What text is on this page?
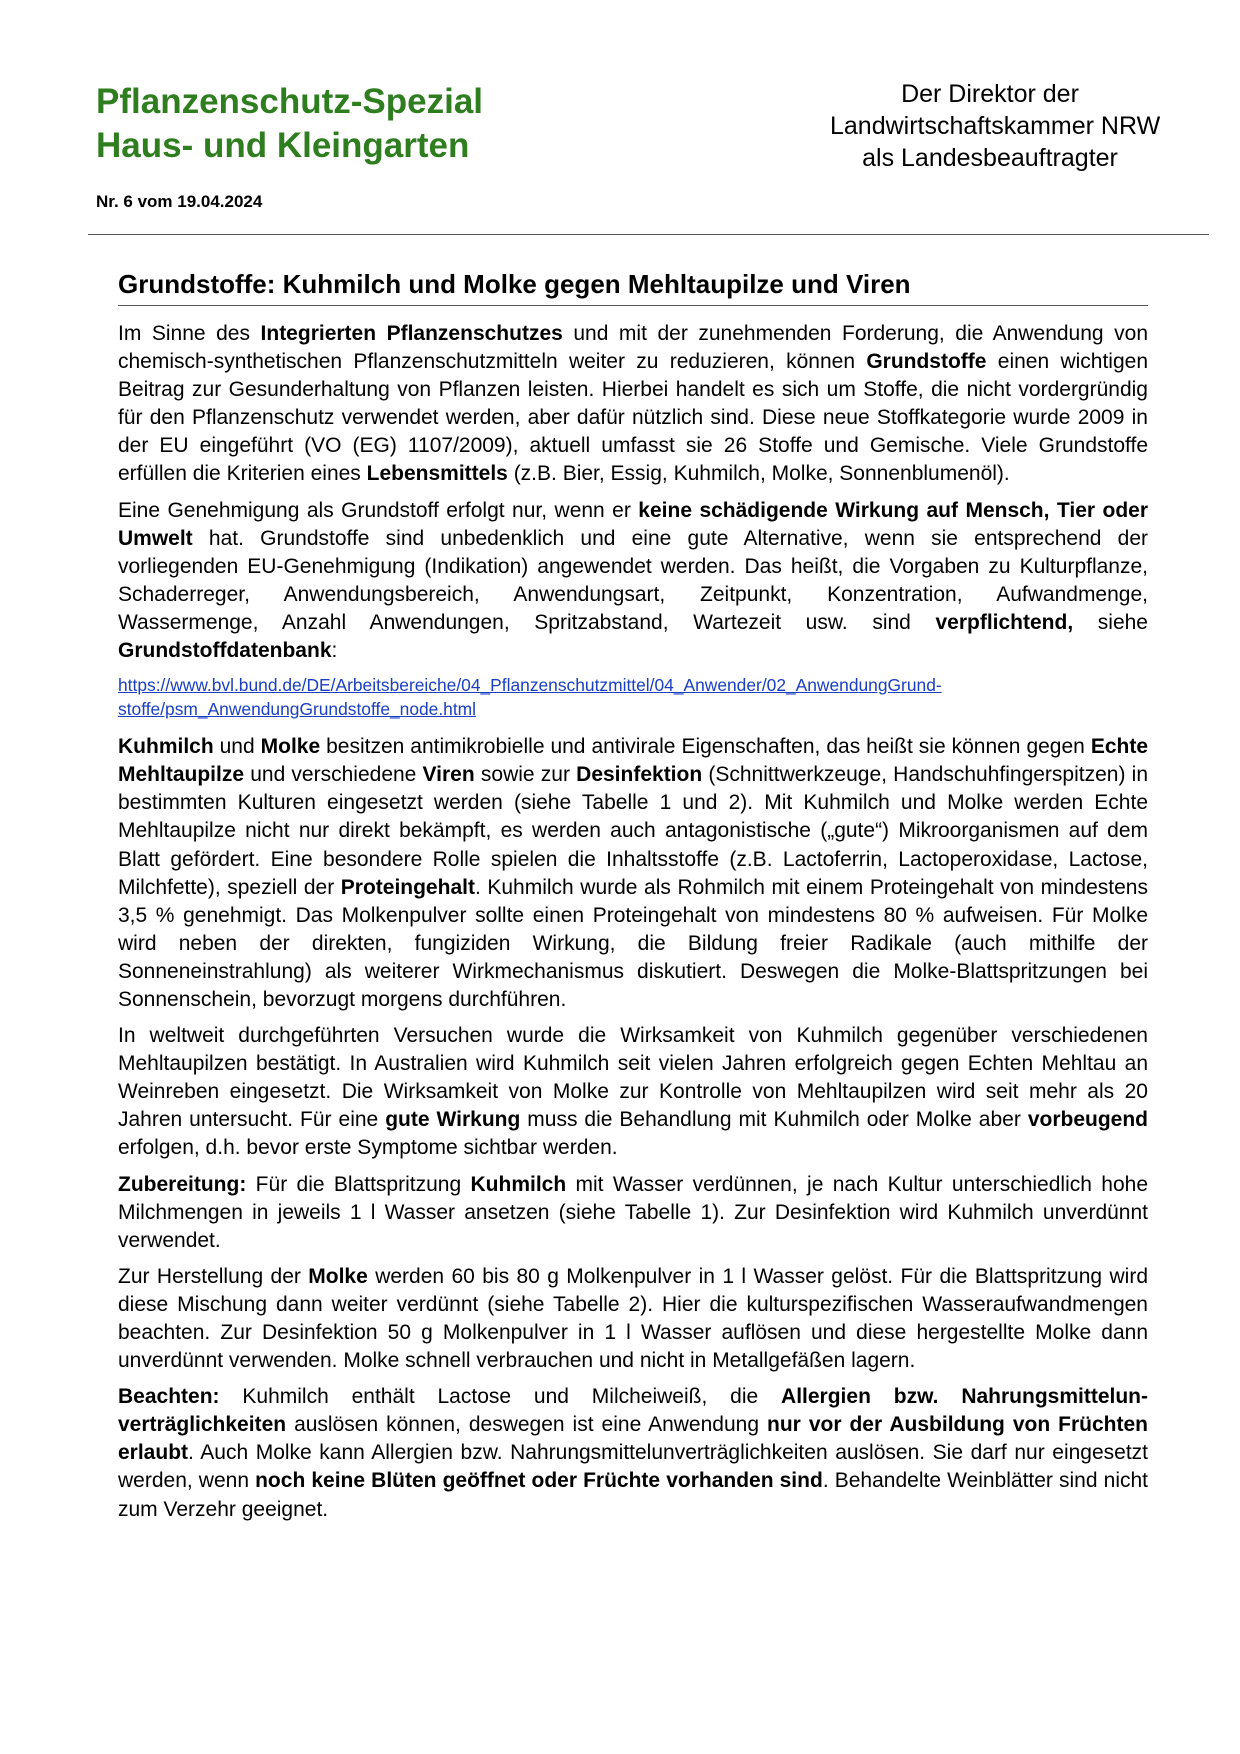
Pflanzenschutz-Spezial
Haus- und Kleingarten
Der Direktor der
Landwirtschaftskammer NRW
als Landesbeauftragter
Nr. 6 vom 19.04.2024
Grundstoffe: Kuhmilch und Molke gegen Mehltaupilze und Viren

Im Sinne des Integrierten Pflanzenschutzes und mit der zunehmenden Forderung, die Anwendung von chemisch-synthetischen Pflanzenschutzmitteln weiter zu reduzieren, können Grundstoffe einen wichtigen Beitrag zur Gesunderhaltung von Pflanzen leisten. Hierbei handelt es sich um Stoffe, die nicht vordergründig für den Pflanzenschutz verwendet werden, aber dafür nützlich sind. Diese neue Stoffkategorie wurde 2009 in der EU eingeführt (VO (EG) 1107/2009), aktuell umfasst sie 26 Stoffe und Gemische. Viele Grundstoffe erfüllen die Kriterien eines Lebensmittels (z.B. Bier, Essig, Kuhmilch, Molke, Sonnenblumenöl).

Eine Genehmigung als Grundstoff erfolgt nur, wenn er keine schädigende Wirkung auf Mensch, Tier oder Umwelt hat. Grundstoffe sind unbedenklich und eine gute Alternative, wenn sie entsprechend der vorliegenden EU-Genehmigung (Indikation) angewendet werden. Das heißt, die Vorgaben zu Kulturpflanze, Schaderreger, Anwendungsbereich, Anwendungsart, Zeitpunkt, Konzentration, Aufwandmenge, Wassermenge, Anzahl Anwendungen, Spritzabstand, Wartezeit usw. sind verpflichtend, siehe Grundstoffdatenbank:

https://www.bvl.bund.de/DE/Arbeitsbereiche/04_Pflanzenschutzmittel/04_Anwender/02_AnwendungGrund-
stoffe/psm_AnwendungGrundstoffe_node.html

Kuhmilch und Molke besitzen antimikrobielle und antivirale Eigenschaften, das heißt sie können gegen Echte Mehltaupilze und verschiedene Viren sowie zur Desinfektion (Schnittwerkzeuge, Handschuhfingerspitzen) in bestimmten Kulturen eingesetzt werden (siehe Tabelle 1 und 2). Mit Kuhmilch und Molke werden Echte Mehltaupilze nicht nur direkt bekämpft, es werden auch antagonistische („gute“) Mikroorganismen auf dem Blatt gefördert. Eine besondere Rolle spielen die Inhaltsstoffe (z.B. Lactoferrin, Lactoperoxidase, Lactose, Milchfette), speziell der Proteingehalt. Kuhmilch wurde als Rohmilch mit einem Proteingehalt von mindestens 3,5 % genehmigt. Das Molkenpulver sollte einen Proteingehalt von mindestens 80 % aufweisen. Für Molke wird neben der direkten, fungiziden Wirkung, die Bildung freier Radikale (auch mithilfe der Sonneneinstrahlung) als weiterer Wirkmechanismus diskutiert. Deswegen die Molke-Blattspritzungen bei Sonnenschein, bevorzugt morgens durchführen.

In weltweit durchgeführten Versuchen wurde die Wirksamkeit von Kuhmilch gegenüber verschiedenen Mehltaupilzen bestätigt. In Australien wird Kuhmilch seit vielen Jahren erfolgreich gegen Echten Mehltau an Weinreben eingesetzt. Die Wirksamkeit von Molke zur Kontrolle von Mehltaupilzen wird seit mehr als 20 Jahren untersucht. Für eine gute Wirkung muss die Behandlung mit Kuhmilch oder Molke aber vorbeugend erfolgen, d.h. bevor erste Symptome sichtbar werden.

Zubereitung: Für die Blattspritzung Kuhmilch mit Wasser verdünnen, je nach Kultur unterschiedlich hohe Milchmengen in jeweils 1 l Wasser ansetzen (siehe Tabelle 1). Zur Desinfektion wird Kuhmilch unverdünnt verwendet.

Zur Herstellung der Molke werden 60 bis 80 g Molkenpulver in 1 l Wasser gelöst. Für die Blattspritzung wird diese Mischung dann weiter verdünnt (siehe Tabelle 2). Hier die kulturspezifischen Wasseraufwandmengen beachten. Zur Desinfektion 50 g Molkenpulver in 1 l Wasser auflösen und diese hergestellte Molke dann unverdünnt verwenden. Molke schnell verbrauchen und nicht in Metallgefäßen lagern.

Beachten: Kuhmilch enthält Lactose und Milcheiweiß, die Allergien bzw. Nahrungsmittelunverträglichkeiten auslösen können, deswegen ist eine Anwendung nur vor der Ausbildung von Früchten erlaubt. Auch Molke kann Allergien bzw. Nahrungsmittelunverträglichkeiten auslösen. Sie darf nur eingesetzt werden, wenn noch keine Blüten geöffnet oder Früchte vorhanden sind. Behandelte Weinblätter sind nicht zum Verzehr geeignet.
